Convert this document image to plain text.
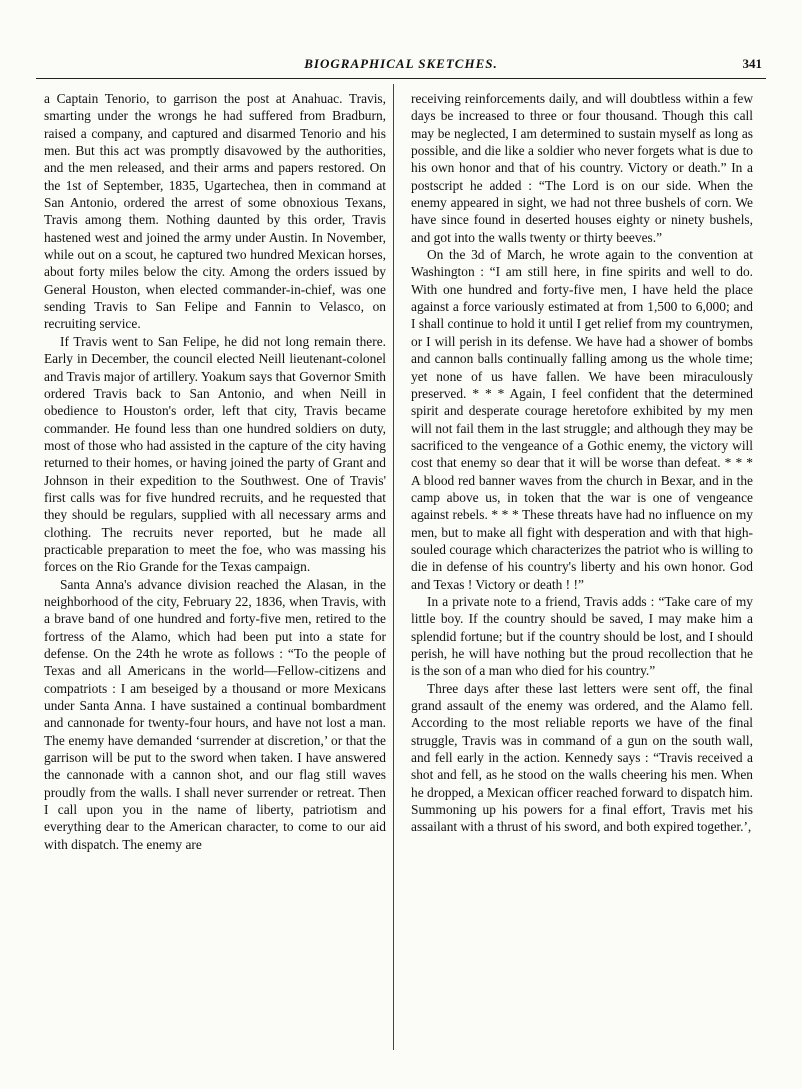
BIOGRAPHICAL SKETCHES.	341

a Captain Tenorio, to garrison the post at Anahuac. Travis, smarting under the wrongs he had suffered from Bradburn, raised a company, and captured and disarmed Tenorio and his men. But this act was promptly disavowed by the authorities, and the men released, and their arms and papers restored. On the 1st of September, 1835, Ugartechea, then in command at San Antonio, ordered the arrest of some obnoxious Texans, Travis among them. Nothing daunted by this order, Travis hastened west and joined the army under Austin. In November, while out on a scout, he captured two hundred Mexican horses, about forty miles below the city. Among the orders issued by General Houston, when elected commander-in-chief, was one sending Travis to San Felipe and Fannin to Velasco, on recruiting service.

If Travis went to San Felipe, he did not long remain there. Early in December, the council elected Neill lieutenant-colonel and Travis major of artillery. Yoakum says that Governor Smith ordered Travis back to San Antonio, and when Neill in obedience to Houston's order, left that city, Travis became commander. He found less than one hundred soldiers on duty, most of those who had assisted in the capture of the city having returned to their homes, or having joined the party of Grant and Johnson in their expedition to the Southwest. One of Travis' first calls was for five hundred recruits, and he requested that they should be regulars, supplied with all necessary arms and clothing. The recruits never reported, but he made all practicable preparation to meet the foe, who was massing his forces on the Rio Grande for the Texas campaign.

Santa Anna's advance division reached the Alasan, in the neighborhood of the city, February 22, 1836, when Travis, with a brave band of one hundred and forty-five men, retired to the fortress of the Alamo, which had been put into a state for defense. On the 24th he wrote as follows : “To the people of Texas and all Americans in the world—Fellow-citizens and compatriots : I am beseiged by a thousand or more Mexicans under Santa Anna. I have sustained a continual bombardment and cannonade for twenty-four hours, and have not lost a man. The enemy have demanded ‘surrender at discretion,’ or that the garrison will be put to the sword when taken. I have answered the cannonade with a cannon shot, and our flag still waves proudly from the walls. I shall never surrender or retreat. Then I call upon you in the name of liberty, patriotism and everything dear to the American character, to come to our aid with dispatch. The enemy are

receiving reinforcements daily, and will doubtless within a few days be increased to three or four thousand. Though this call may be neglected, I am determined to sustain myself as long as possible, and die like a soldier who never forgets what is due to his own honor and that of his country. Victory or death.” In a postscript he added : “The Lord is on our side. When the enemy appeared in sight, we had not three bushels of corn. We have since found in deserted houses eighty or ninety bushels, and got into the walls twenty or thirty beeves.”

On the 3d of March, he wrote again to the convention at Washington : “I am still here, in fine spirits and well to do. With one hundred and forty-five men, I have held the place against a force variously estimated at from 1,500 to 6,000; and I shall continue to hold it until I get relief from my countrymen, or I will perish in its defense. We have had a shower of bombs and cannon balls continually falling among us the whole time; yet none of us have fallen. We have been miraculously preserved. * * * Again, I feel confident that the determined spirit and desperate courage heretofore exhibited by my men will not fail them in the last struggle; and although they may be sacrificed to the vengeance of a Gothic enemy, the victory will cost that enemy so dear that it will be worse than defeat. * * * A blood red banner waves from the church in Bexar, and in the camp above us, in token that the war is one of vengeance against rebels. * * * These threats have had no influence on my men, but to make all fight with desperation and with that high-souled courage which characterizes the patriot who is willing to die in defense of his country's liberty and his own honor. God and Texas ! Victory or death ! !”

In a private note to a friend, Travis adds : “Take care of my little boy. If the country should be saved, I may make him a splendid fortune; but if the country should be lost, and I should perish, he will have nothing but the proud recollection that he is the son of a man who died for his country.”

Three days after these last letters were sent off, the final grand assault of the enemy was ordered, and the Alamo fell. According to the most reliable reports we have of the final struggle, Travis was in command of a gun on the south wall, and fell early in the action. Kennedy says : “Travis received a shot and fell, as he stood on the walls cheering his men. When he dropped, a Mexican officer reached forward to dispatch him. Summoning up his powers for a final effort, Travis met his assailant with a thrust of his sword, and both expired together.’,
